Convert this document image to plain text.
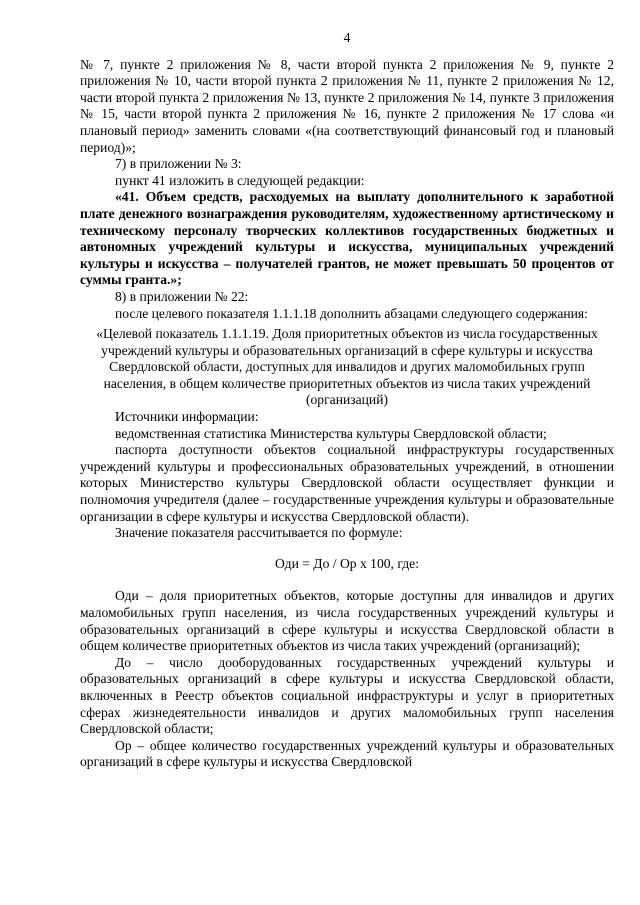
4

№ 7, пункте 2 приложения № 8, части второй пункта 2 приложения № 9, пункте 2 приложения № 10, части второй пункта 2 приложения № 11, пункте 2 приложения № 12, части второй пункта 2 приложения № 13, пункте 2 приложения № 14, пункте 3 приложения № 15, части второй пункта 2 приложения № 16, пункте 2 приложения № 17 слова «и плановый период» заменить словами «(на соответствующий финансовый год и плановый период)»;

7) в приложении № 3:

пункт 41 изложить в следующей редакции:

«41. Объем средств, расходуемых на выплату дополнительного к заработной плате денежного вознаграждения руководителям, художественному артистическому и техническому персоналу творческих коллективов государственных бюджетных и автономных учреждений культуры и искусства, муниципальных учреждений культуры и искусства – получателей грантов, не может превышать 50 процентов от суммы гранта.»;

8) в приложении № 22:

после целевого показателя 1.1.1.18 дополнить абзацами следующего содержания:

«Целевой показатель 1.1.1.19. Доля приоритетных объектов из числа государственных учреждений культуры и образовательных организаций в сфере культуры и искусства Свердловской области, доступных для инвалидов и других маломобильных групп населения, в общем количестве приоритетных объектов из числа таких учреждений (организаций)

Источники информации:

ведомственная статистика Министерства культуры Свердловской области;

паспорта доступности объектов социальной инфраструктуры государственных учреждений культуры и профессиональных образовательных учреждений, в отношении которых Министерство культуры Свердловской области осуществляет функции и полномочия учредителя (далее – государственные учреждения культуры и образовательные организации в сфере культуры и искусства Свердловской области).

Значение показателя рассчитывается по формуле:

Оди = До / Ор x 100, где:

Оди – доля приоритетных объектов, которые доступны для инвалидов и других маломобильных групп населения, из числа государственных учреждений культуры и образовательных организаций в сфере культуры и искусства Свердловской области в общем количестве приоритетных объектов из числа таких учреждений (организаций);

До – число дооборудованных государственных учреждений культуры и образовательных организаций в сфере культуры и искусства Свердловской области, включенных в Реестр объектов социальной инфраструктуры и услуг в приоритетных сферах жизнедеятельности инвалидов и других маломобильных групп населения Свердловской области;

Ор – общее количество государственных учреждений культуры и образовательных организаций в сфере культуры и искусства Свердловской
